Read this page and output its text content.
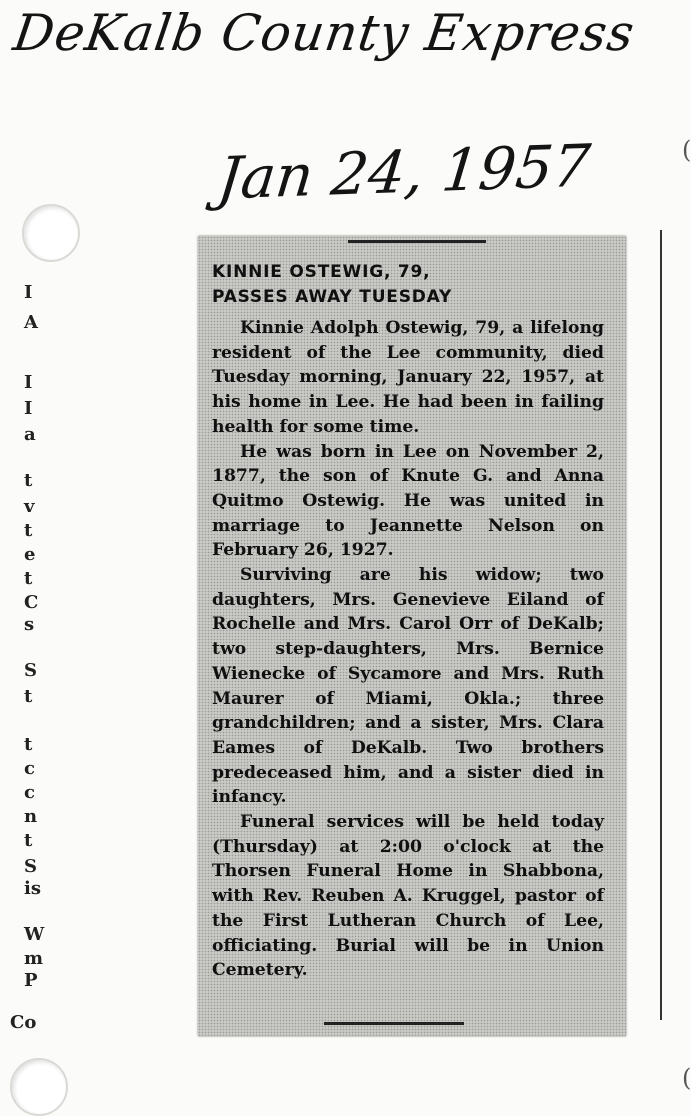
DeKalb County Express
Jan 24, 1957
KINNIE OSTEWIG, 79,
PASSES AWAY TUESDAY

Kinnie Adolph Ostewig, 79, a lifelong resident of the Lee community, died Tuesday morning, January 22, 1957, at his home in Lee. He had been in failing health for some time.

He was born in Lee on November 2, 1877, the son of Knute G. and Anna Quitmo Ostewig. He was united in marriage to Jeannette Nelson on February 26, 1927.

Surviving are his widow; two daughters, Mrs. Genevieve Eiland of Rochelle and Mrs. Carol Orr of DeKalb; two step-daughters, Mrs. Bernice Wienecke of Sycamore and Mrs. Ruth Maurer of Miami, Okla.; three grandchildren; and a sister, Mrs. Clara Eames of DeKalb. Two brothers predeceased him, and a sister died in infancy.

Funeral services will be held today (Thursday) at 2:00 o'clock at the Thorsen Funeral Home in Shabbona, with Rev. Reuben A. Kruggel, pastor of the First Lutheran Church of Lee, officiating. Burial will be in Union Cemetery.

(
(
I
A
I
I
a
t
v
t
e
t
C
s
S
t
t
c
c
n
t
S
is
W
m
P
Co
